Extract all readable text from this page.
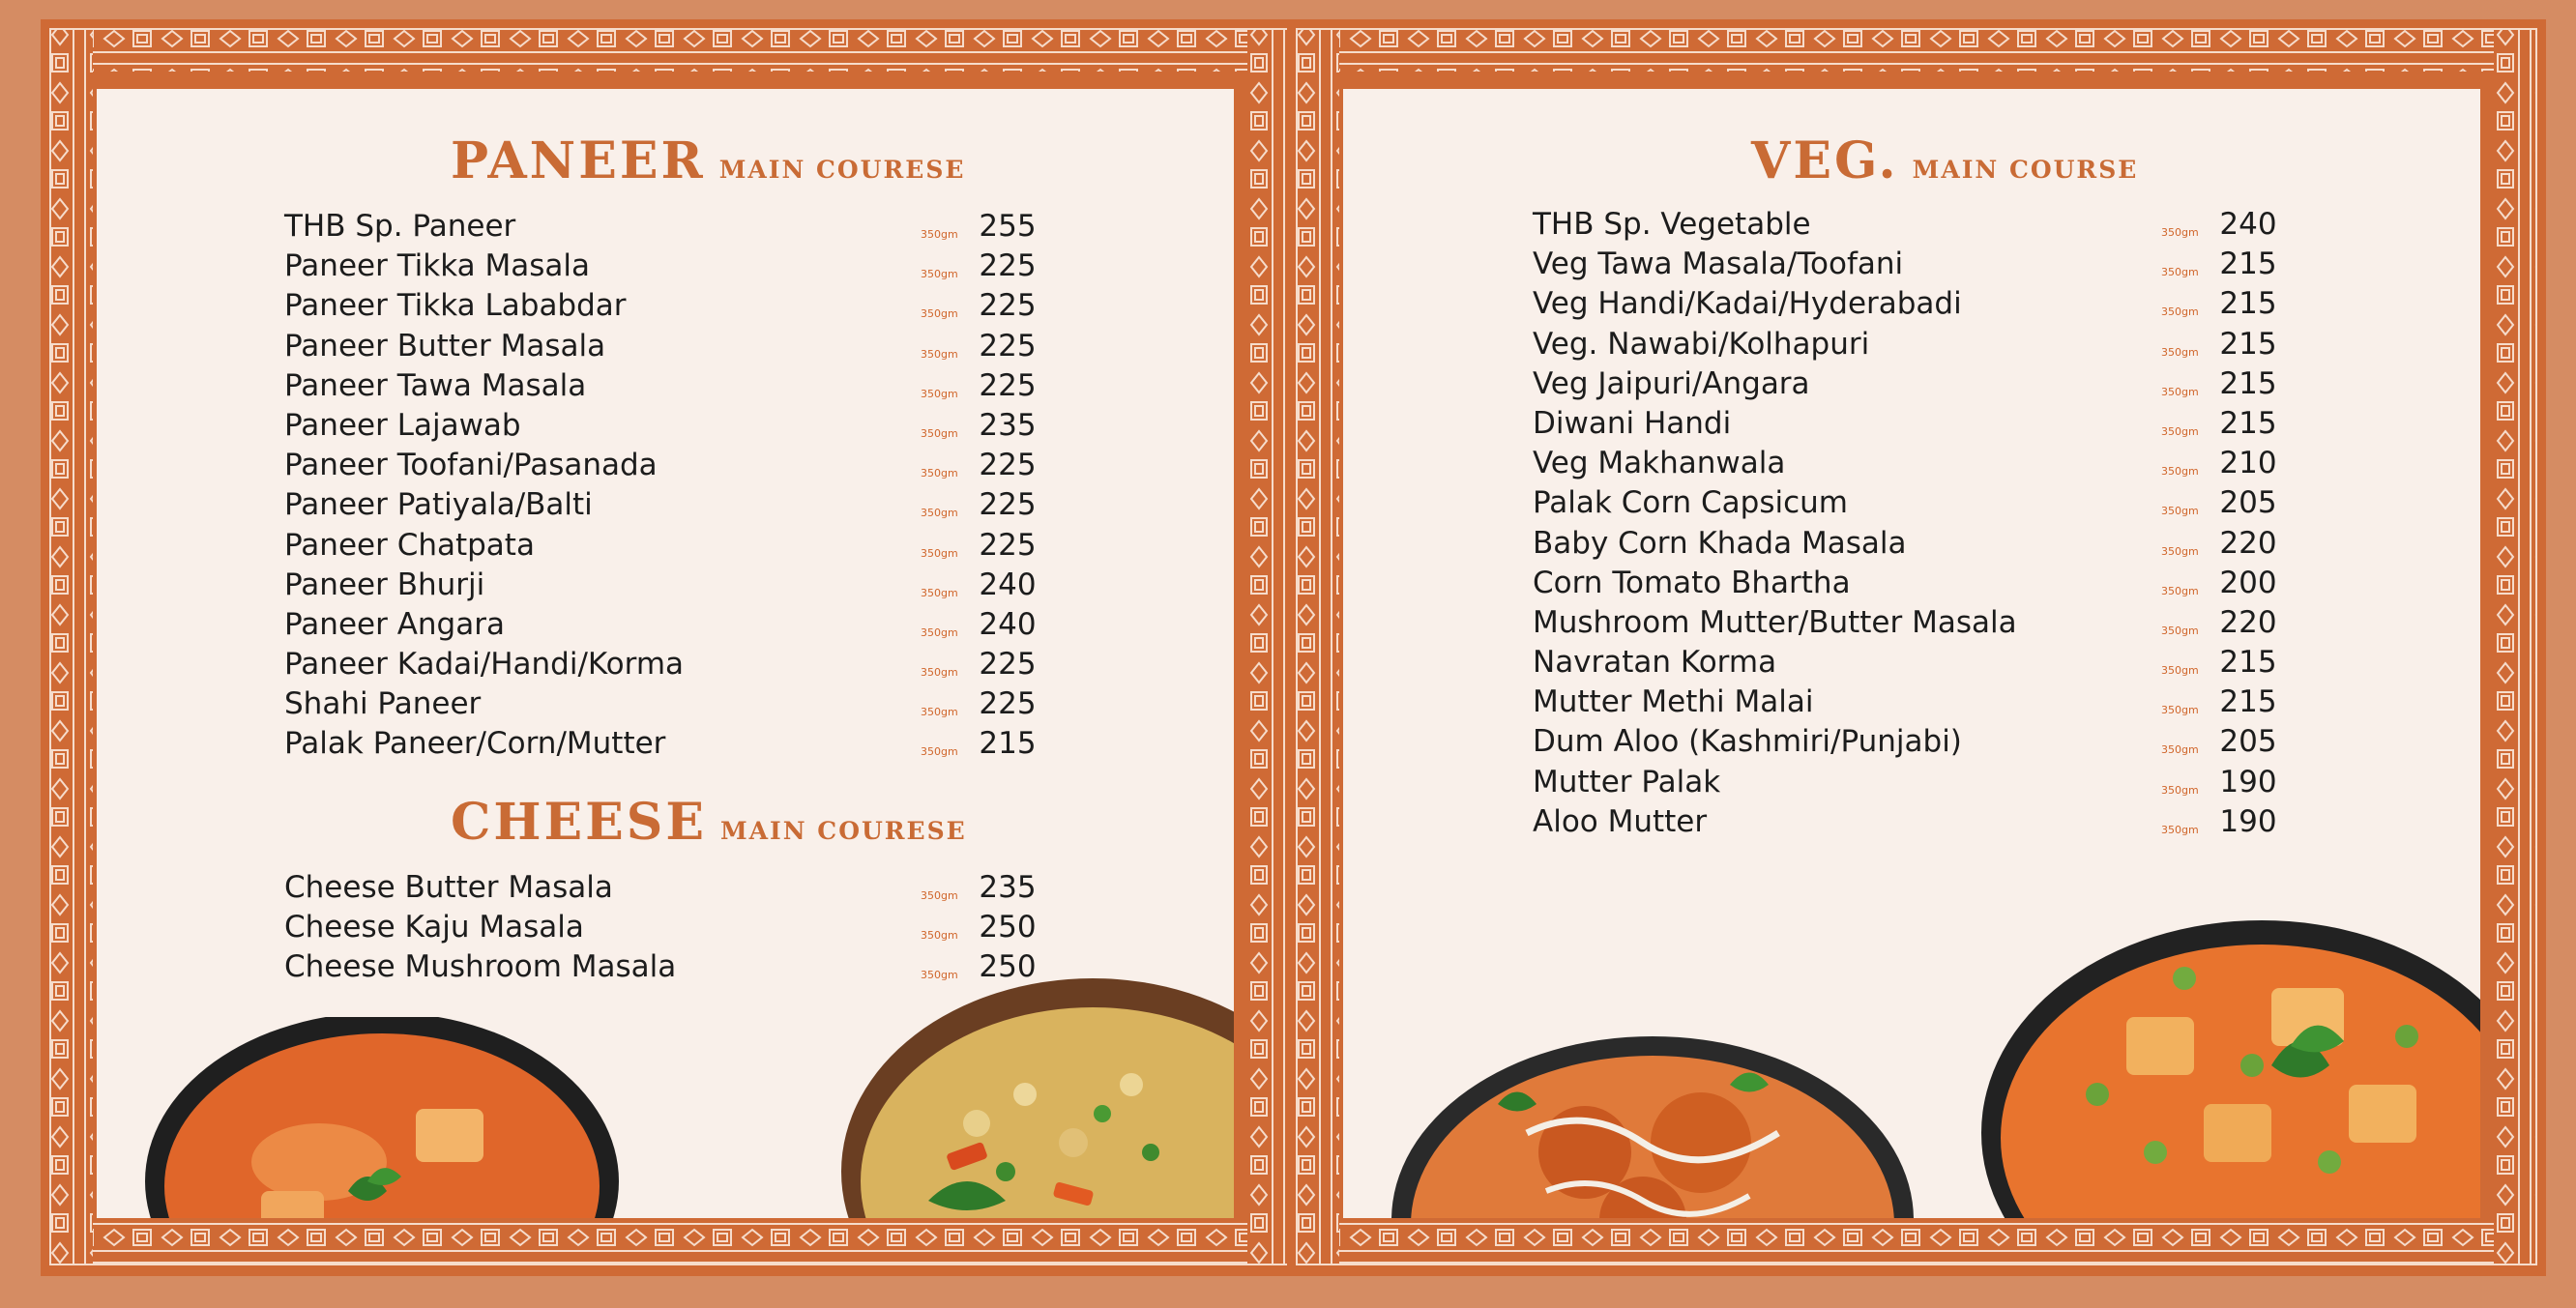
PANEER MAIN COURESE
THB Sp. Paneer	350gm 255
Paneer Tikka Masala	350gm 225
Paneer Tikka Lababdar	350gm 225
Paneer Butter Masala	350gm 225
Paneer Tawa Masala	350gm 225
Paneer Lajawab	350gm 235
Paneer Toofani/Pasanada	350gm 225
Paneer Patiyala/Balti	350gm 225
Paneer Chatpata	350gm 225
Paneer Bhurji	350gm 240
Paneer Angara	350gm 240
Paneer Kadai/Handi/Korma	350gm 225
Shahi Paneer	350gm 225
Palak Paneer/Corn/Mutter	350gm 215
CHEESE MAIN COURESE
Cheese Butter Masala	350gm 235
Cheese Kaju Masala	350gm 250
Cheese Mushroom Masala	350gm 250
VEG. MAIN COURSE
THB Sp. Vegetable	350gm 240
Veg Tawa Masala/Toofani	350gm 215
Veg Handi/Kadai/Hyderabadi	350gm 215
Veg. Nawabi/Kolhapuri	350gm 215
Veg Jaipuri/Angara	350gm 215
Diwani Handi	350gm 215
Veg Makhanwala	350gm 210
Palak Corn Capsicum	350gm 205
Baby Corn Khada Masala	350gm 220
Corn Tomato Bhartha	350gm 200
Mushroom Mutter/Butter Masala	350gm 220
Navratan Korma	350gm 215
Mutter Methi Malai	350gm 215
Dum Aloo (Kashmiri/Punjabi)	350gm 205
Mutter Palak	350gm 190
Aloo Mutter	350gm 190
